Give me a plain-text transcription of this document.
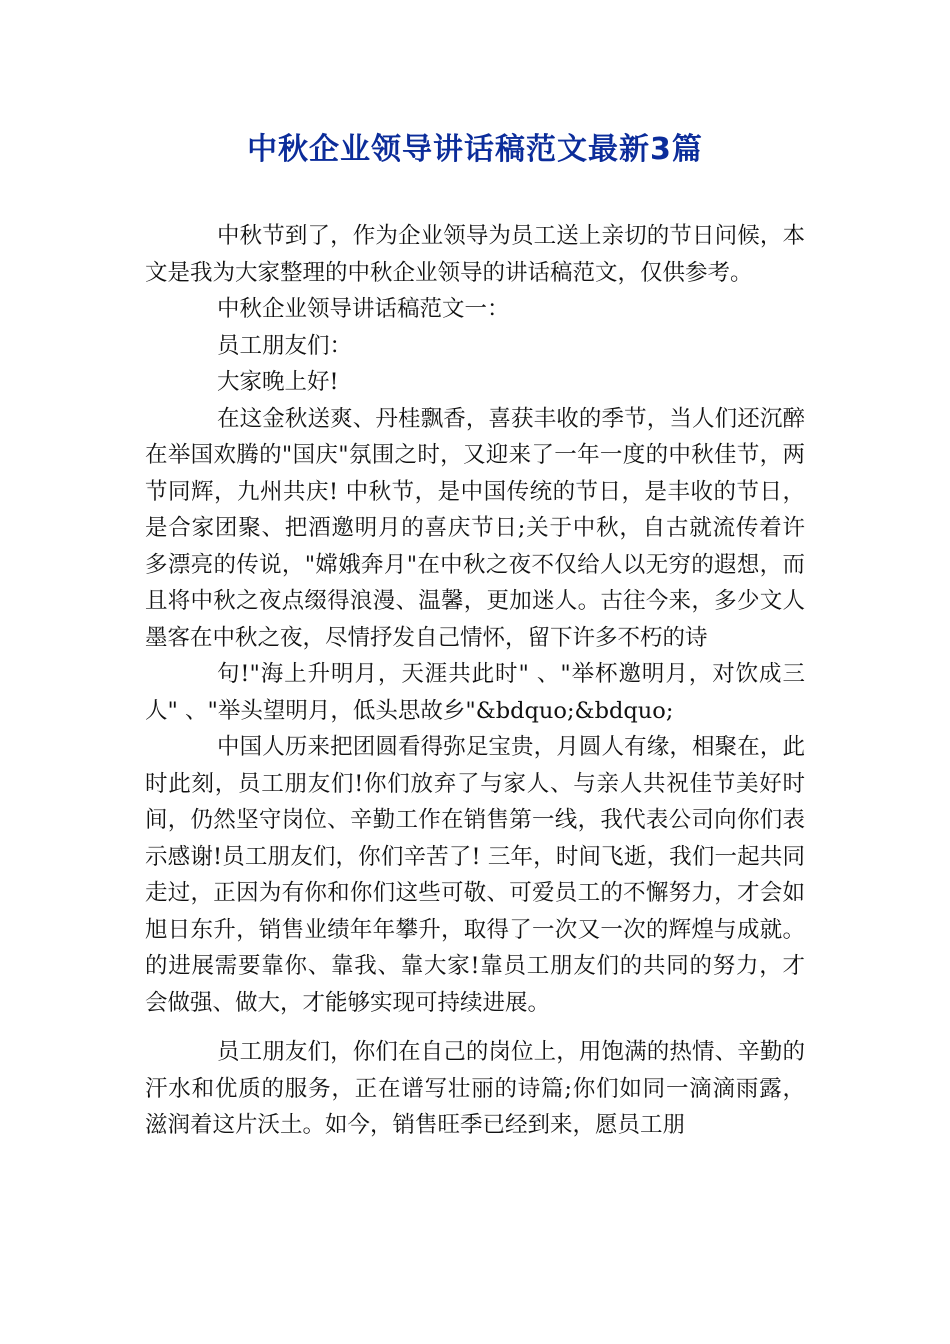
中秋企业领导讲话稿范文最新3篇

中秋节到了，作为企业领导为员工送上亲切的节日问候，本文是我为大家整理的中秋企业领导的讲话稿范文，仅供参考。

中秋企业领导讲话稿范文一：

员工朋友们：

大家晚上好!

在这金秋送爽、丹桂飘香，喜获丰收的季节，当人们还沉醉在举国欢腾的"国庆"氛围之时，又迎来了一年一度的中秋佳节，两节同辉，九州共庆! 中秋节，是中国传统的节日，是丰收的节日，是合家团聚、把酒邀明月的喜庆节日;关于中秋，自古就流传着许多漂亮的传说，"嫦娥奔月"在中秋之夜不仅给人以无穷的遐想，而且将中秋之夜点缀得浪漫、温馨，更加迷人。古往今来，多少文人墨客在中秋之夜，尽情抒发自己情怀，留下许多不朽的诗

句!"海上升明月，天涯共此时" 、"举杯邀明月，对饮成三人" 、"举头望明月，低头思故乡"&bdquo;&bdquo;

中国人历来把团圆看得弥足宝贵，月圆人有缘，相聚在，此时此刻，员工朋友们!你们放弃了与家人、与亲人共祝佳节美好时间，仍然坚守岗位、辛勤工作在销售第一线，我代表公司向你们表示感谢!员工朋友们，你们辛苦了! 三年，时间飞逝，我们一起共同走过，正因为有你和你们这些可敬、可爱员工的不懈努力，才会如旭日东升，销售业绩年年攀升，取得了一次又一次的辉煌与成就。的进展需要靠你、靠我、靠大家!靠员工朋友们的共同的努力，才会做强、做大，才能够实现可持续进展。

员工朋友们，你们在自己的岗位上，用饱满的热情、辛勤的汗水和优质的服务，正在谱写壮丽的诗篇;你们如同一滴滴雨露，滋润着这片沃土。如今，销售旺季已经到来，愿员工朋
